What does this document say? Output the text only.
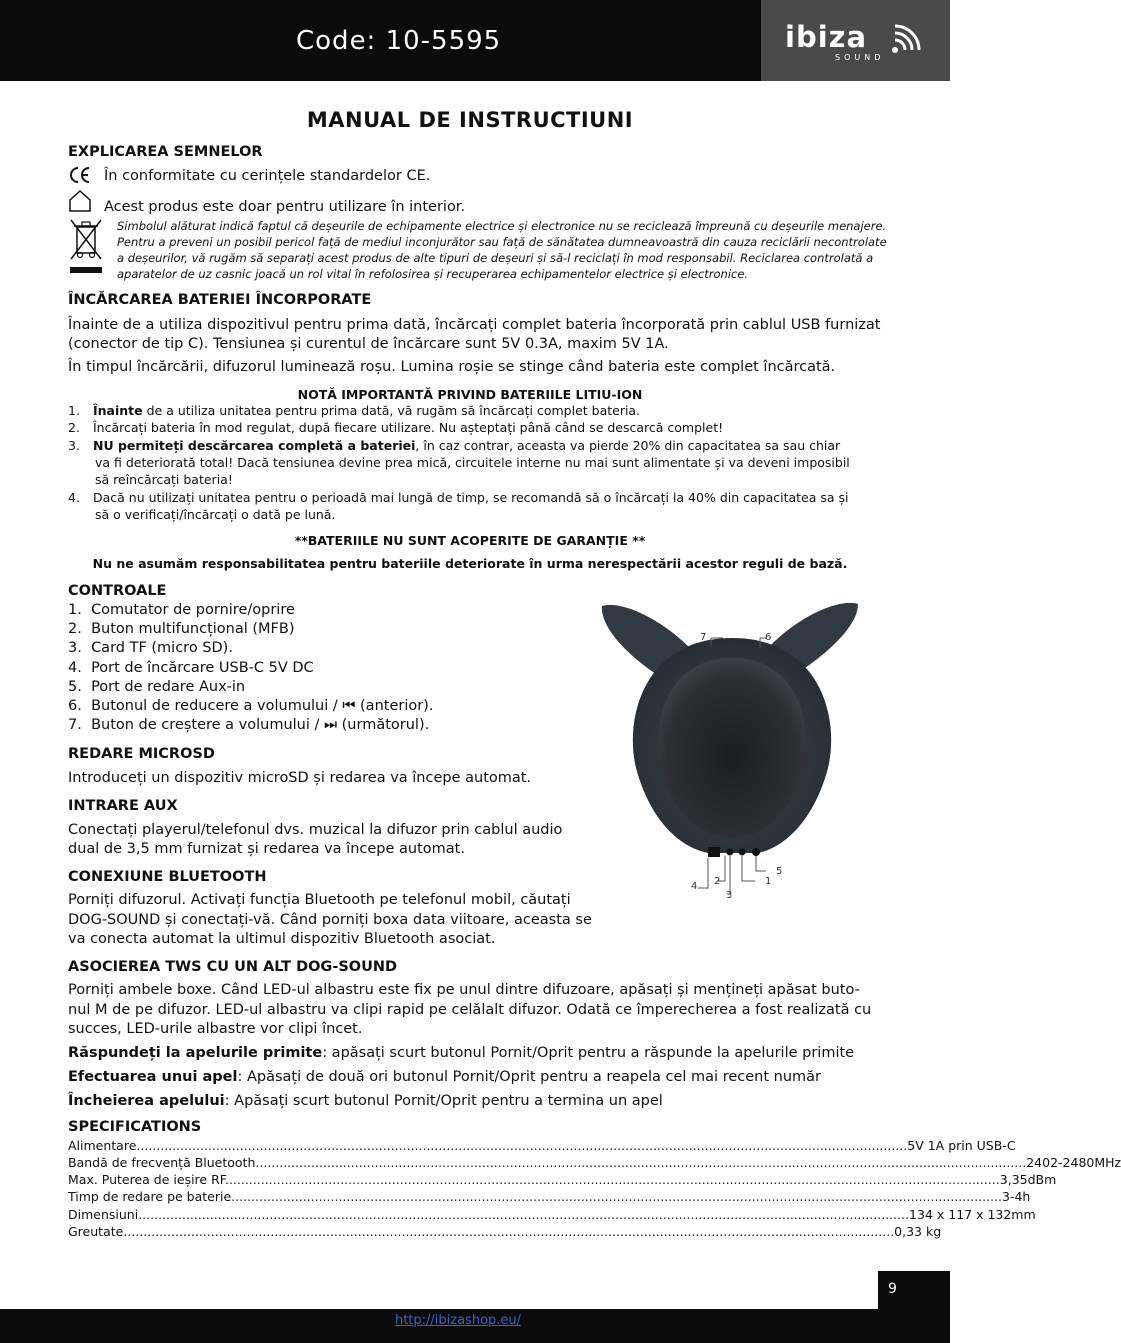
Code: 10-5595	ibiza
SOUND
MANUAL DE INSTRUCTIUNI
EXPLICAREA SEMNELOR
În conformitate cu cerințele standardelor CE.
Acest produs este doar pentru utilizare în interior.
Simbolul alăturat indică faptul că deșeurile de echipamente electrice și electronice nu se reciclează împreună cu deșeurile menajere.
Pentru a preveni un posibil pericol față de mediul inconjurător sau față de sănătatea dumneavoastră din cauza reciclării necontrolate
a deșeurilor, vă rugăm să separați acest produs de alte tipuri de deșeuri și să-l reciclați în mod responsabil. Reciclarea controlată a
aparatelor de uz casnic joacă un rol vital în refolosirea și recuperarea echipamentelor electrice și electronice.
ÎNCĂRCAREA BATERIEI ÎNCORPORATE
Înainte de a utiliza dispozitivul pentru prima dată, încărcați complet bateria încorporată prin cablul USB furnizat
(conector de tip C). Tensiunea și curentul de încărcare sunt 5V 0.3A, maxim 5V 1A.
În timpul încărcării, difuzorul luminează roșu. Lumina roșie se stinge când bateria este complet încărcată.
NOTĂ IMPORTANTĂ PRIVIND BATERIILE LITIU-ION
1. Înainte de a utiliza unitatea pentru prima dată, vă rugăm să încărcați complet bateria.
2. Încărcați bateria în mod regulat, după fiecare utilizare. Nu așteptați până când se descarcă complet!
3. NU permiteți descărcarea completă a bateriei, în caz contrar, aceasta va pierde 20% din capacitatea sa sau chiar
va fi deteriorată total! Dacă tensiunea devine prea mică, circuitele interne nu mai sunt alimentate și va deveni imposibil
să reîncărcați bateria!
4. Dacă nu utilizați unitatea pentru o perioadă mai lungă de timp, se recomandă să o încărcați la 40% din capacitatea sa și
să o verificați/încărcați o dată pe lună.
**BATERIILE NU SUNT ACOPERITE DE GARANȚIE **
Nu ne asumăm responsabilitatea pentru bateriile deteriorate în urma nerespectării acestor reguli de bază.
CONTROALE
1. Comutator de pornire/oprire
2. Buton multifuncțional (MFB)
3. Card TF (micro SD).
4. Port de încărcare USB-C 5V DC
5. Port de redare Aux-in
6. Butonul de reducere a volumului / ⏮ (anterior).
7. Buton de creștere a volumului / ⏭ (următorul).
7	6
4 2
3
1
5
REDARE MICROSD
Introduceți un dispozitiv microSD și redarea va începe automat.
INTRARE AUX
Conectați playerul/telefonul dvs. muzical la difuzor prin cablul audio
dual de 3,5 mm furnizat și redarea va începe automat.
CONEXIUNE BLUETOOTH
Porniți difuzorul. Activați funcția Bluetooth pe telefonul mobil, căutați
DOG-SOUND și conectați-vă. Când porniți boxa data viitoare, aceasta se
va conecta automat la ultimul dispozitiv Bluetooth asociat.
ASOCIEREA TWS CU UN ALT DOG-SOUND
Porniți ambele boxe. Când LED-ul albastru este fix pe unul dintre difuzoare, apăsați și mențineți apăsat buto-
nul M de pe difuzor. LED-ul albastru va clipi rapid pe celălalt difuzor. Odată ce împerecherea a fost realizată cu
succes, LED-urile albastre vor clipi încet.
Răspundeți la apelurile primite: apăsați scurt butonul Pornit/Oprit pentru a răspunde la apelurile primite
Efectuarea unui apel: Apăsați de două ori butonul Pornit/Oprit pentru a reapela cel mai recent număr
Încheierea apelului: Apăsați scurt butonul Pornit/Oprit pentru a termina un apel
SPECIFICATIONS
Alimentare .................................................................................................................................................................................................. 5V 1A prin USB-C
Bandă de frecvență Bluetooth .................................................................................................................................................................................................. 2402-2480MHz
Max. Puterea de ieșire RF. .................................................................................................................................................................................................. 3,35dBm
Timp de redare pe baterie .................................................................................................................................................................................................. 3-4h
Dimensiuni .................................................................................................................................................................................................. 134 x 117 x 132mm
Greutate .................................................................................................................................................................................................. 0,33 kg
9
http://ibizashop.eu/
